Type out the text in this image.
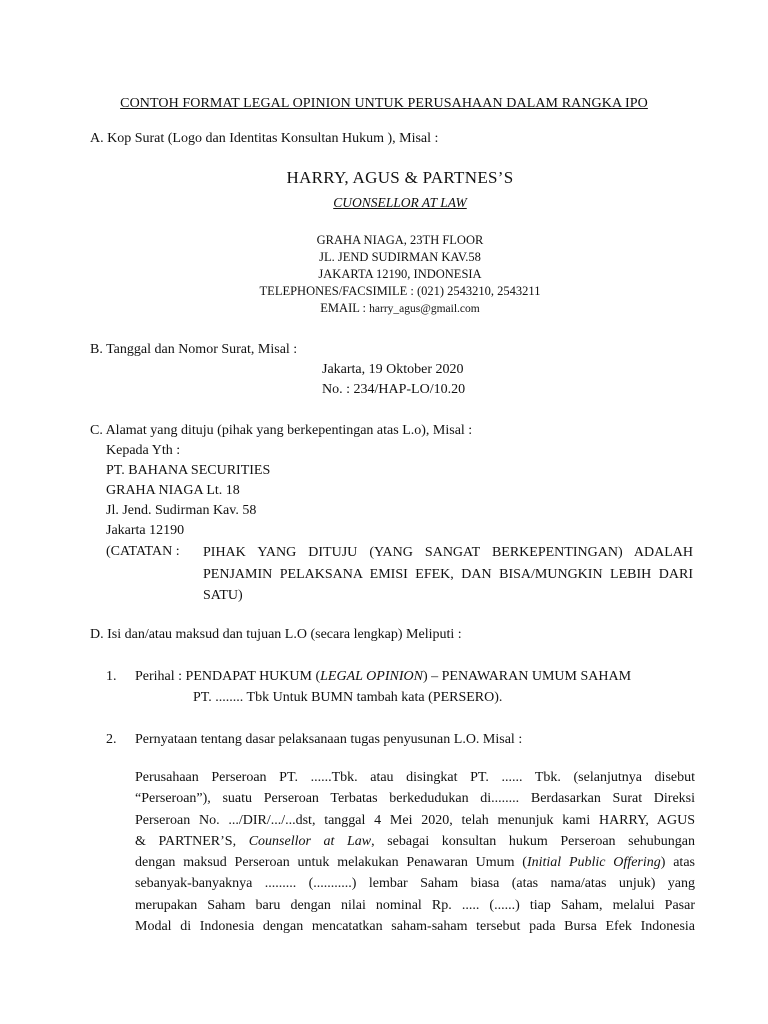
CONTOH FORMAT LEGAL OPINION UNTUK PERUSAHAAN DALAM RANGKA IPO
A. Kop Surat (Logo dan Identitas Konsultan Hukum ), Misal :
HARRY, AGUS & PARTNES’S
CUONSELLOR AT LAW
GRAHA NIAGA, 23TH FLOOR
JL. JEND SUDIRMAN KAV.58
JAKARTA 12190, INDONESIA
TELEPHONES/FACSIMILE : (021) 2543210, 2543211
EMAIL : harry_agus@gmail.com
B. Tanggal dan Nomor Surat, Misal :
Jakarta, 19 Oktober 2020
No. : 234/HAP-LO/10.20
C. Alamat yang dituju (pihak yang berkepentingan atas L.o), Misal :
Kepada Yth :
PT. BAHANA SECURITIES
GRAHA NIAGA Lt. 18
Jl. Jend. Sudirman Kav. 58
Jakarta 12190
(CATATAN : PIHAK YANG DITUJU (YANG SANGAT BERKEPENTINGAN) ADALAH PENJAMIN PELAKSANA EMISI EFEK, DAN BISA/MUNGKIN LEBIH DARI SATU)
D. Isi dan/atau maksud dan tujuan L.O (secara lengkap) Meliputi :
1. Perihal : PENDAPAT HUKUM (LEGAL OPINION) – PENAWARAN UMUM SAHAM
PT. ........ Tbk Untuk BUMN tambah kata (PERSERO).
2. Pernyataan tentang dasar pelaksanaan tugas penyusunan L.O. Misal :
Perusahaan Perseroan PT. ......Tbk. atau disingkat PT. ...... Tbk. (selanjutnya disebut
“Perseroan”), suatu Perseroan Terbatas berkedudukan di........ Berdasarkan Surat Direksi
Perseroan No. .../DIR/.../...dst, tanggal 4 Mei 2020, telah menunjuk kami HARRY, AGUS
& PARTNER’S, Counsellor at Law, sebagai konsultan hukum Perseroan sehubungan
dengan maksud Perseroan untuk melakukan Penawaran Umum (Initial Public Offering) atas
sebanyak-banyaknya ......... (...........) lembar Saham biasa (atas nama/atas unjuk) yang
merupakan Saham baru dengan nilai nominal Rp. ..... (......) tiap Saham, melalui Pasar
Modal di Indonesia dengan mencatatkan saham-saham tersebut pada Bursa Efek Indonesia
